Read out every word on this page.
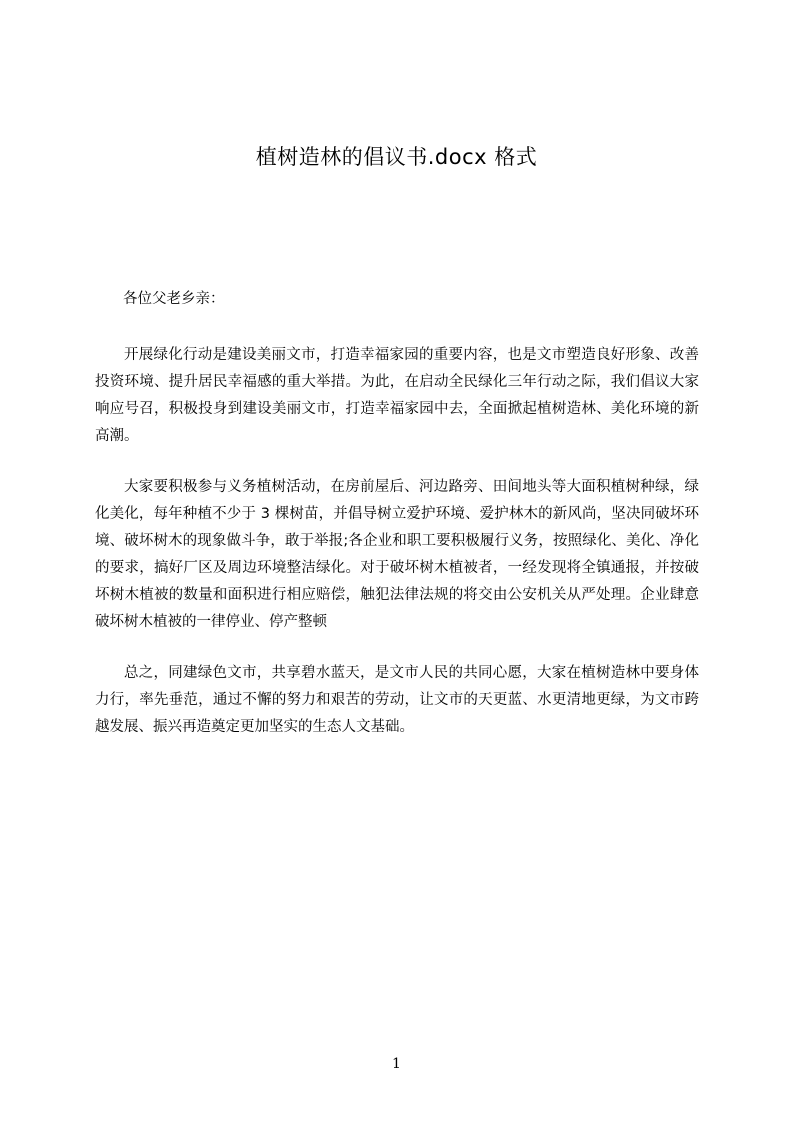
植树造林的倡议书.docx 格式
各位父老乡亲：

开展绿化行动是建设美丽文市，打造幸福家园的重要内容，也是文市塑造良好形象、改善投资环境、提升居民幸福感的重大举措。为此，在启动全民绿化三年行动之际，我们倡议大家响应号召，积极投身到建设美丽文市，打造幸福家园中去，全面掀起植树造林、美化环境的新高潮。

大家要积极参与义务植树活动，在房前屋后、河边路旁、田间地头等大面积植树种绿，绿化美化，每年种植不少于 3 棵树苗，并倡导树立爱护环境、爱护林木的新风尚，坚决同破坏环境、破坏树木的现象做斗争，敢于举报;各企业和职工要积极履行义务，按照绿化、美化、净化的要求，搞好厂区及周边环境整洁绿化。对于破坏树木植被者，一经发现将全镇通报，并按破坏树木植被的数量和面积进行相应赔偿，触犯法律法规的将交由公安机关从严处理。企业肆意破坏树木植被的一律停业、停产整顿

总之，同建绿色文市，共享碧水蓝天，是文市人民的共同心愿，大家在植树造林中要身体力行，率先垂范，通过不懈的努力和艰苦的劳动，让文市的天更蓝、水更清地更绿，为文市跨越发展、振兴再造奠定更加坚实的生态人文基础。

1
